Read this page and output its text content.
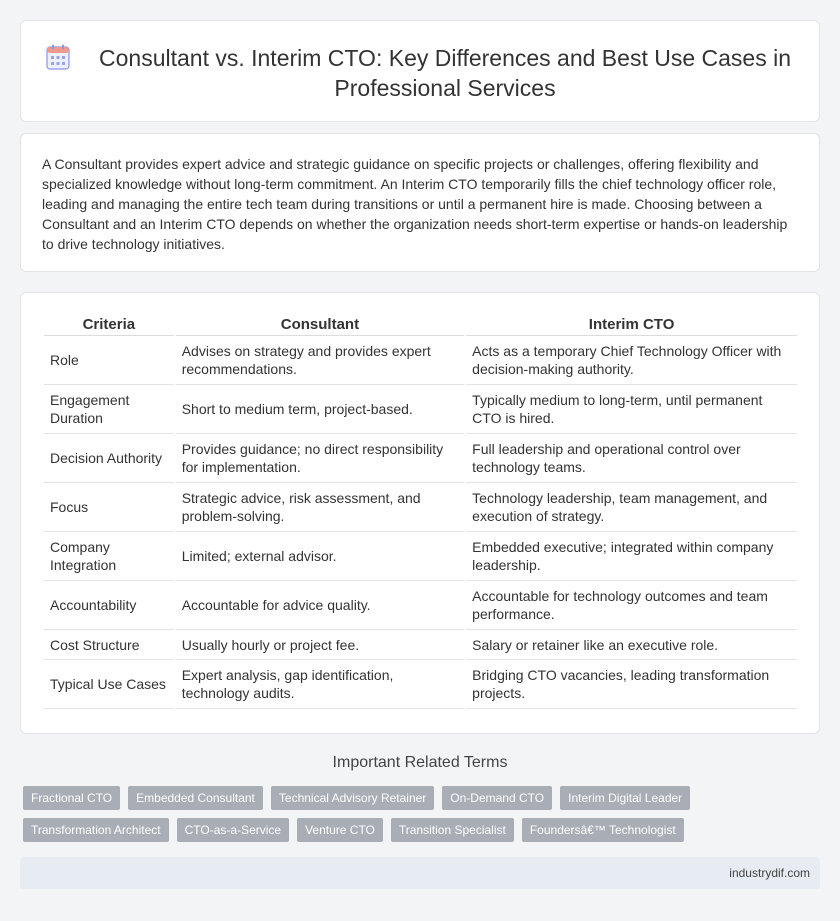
Consultant vs. Interim CTO: Key Differences and Best Use Cases in Professional Services

A Consultant provides expert advice and strategic guidance on specific projects or challenges, offering flexibility and specialized knowledge without long-term commitment. An Interim CTO temporarily fills the chief technology officer role, leading and managing the entire tech team during transitions or until a permanent hire is made. Choosing between a Consultant and an Interim CTO depends on whether the organization needs short-term expertise or hands-on leadership to drive technology initiatives.

Criteria	Consultant	Interim CTO
Role	Advises on strategy and provides expert recommendations.	Acts as a temporary Chief Technology Officer with decision-making authority.
Engagement Duration	Short to medium term, project-based.	Typically medium to long-term, until permanent CTO is hired.
Decision Authority	Provides guidance; no direct responsibility for implementation.	Full leadership and operational control over technology teams.
Focus	Strategic advice, risk assessment, and problem-solving.	Technology leadership, team management, and execution of strategy.
Company Integration	Limited; external advisor.	Embedded executive; integrated within company leadership.
Accountability	Accountable for advice quality.	Accountable for technology outcomes and team performance.
Cost Structure	Usually hourly or project fee.	Salary or retainer like an executive role.
Typical Use Cases	Expert analysis, gap identification, technology audits.	Bridging CTO vacancies, leading transformation projects.
Important Related Terms
Fractional CTO	Embedded Consultant	Technical Advisory Retainer	On-Demand CTO	Interim Digital Leader
Transformation Architect	CTO-as-a-Service	Venture CTO	Transition Specialist	Foundersâ€™ Technologist
industrydif.com
